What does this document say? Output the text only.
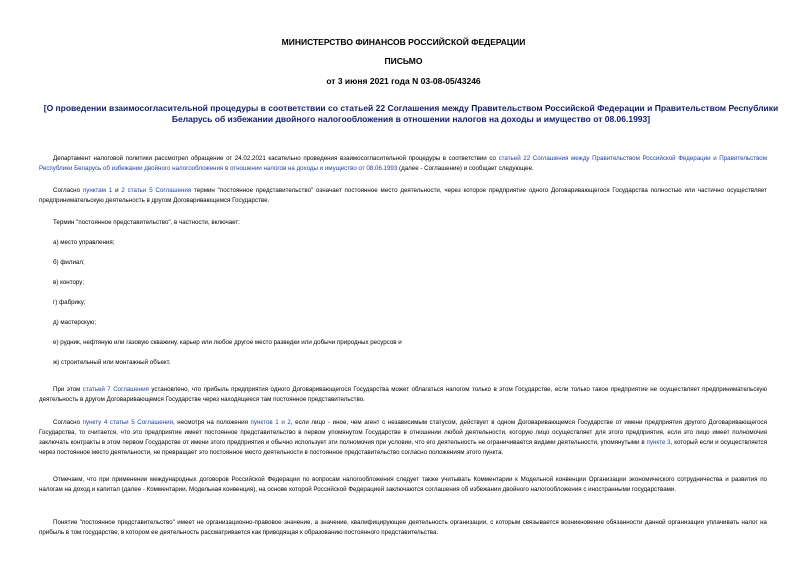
МИНИСТЕРСТВО ФИНАНСОВ РОССИЙСКОЙ ФЕДЕРАЦИИ
ПИСЬМО
от 3 июня 2021 года N 03-08-05/43246
[О проведении взаимосогласительной процедуры в соответствии со статьей 22 Соглашения между Правительством Российской Федерации и Правительством Республики Беларусь об избежании двойного налогообложения в отношении налогов на доходы и имущество от 08.06.1993]
Департамент налоговой политики рассмотрел обращение от 24.02.2021 касательно проведения взаимосогласительной процедуры в соответствии со статьей 22 Соглашения между Правительством Российской Федерации и Правительством Республики Беларусь об избежании двойного налогообложения в отношении налогов на доходы и имущество от 08.06.1993 (далее - Соглашение) и сообщает следующее.
Согласно пунктам 1 и 2 статьи 5 Соглашения термин "постоянное представительство" означает постоянное место деятельности, через которое предприятие одного Договаривающегося Государства полностью или частично осуществляет предпринимательскую деятельность в другом Договаривающемся Государстве.
Термин "постоянное представительство", в частности, включает:
а) место управления;
б) филиал;
в) контору;
г) фабрику;
д) мастерскую;
е) рудник, нефтяную или газовую скважину, карьер или любое другое место разведки или добычи природных ресурсов и
ж) строительный или монтажный объект.
При этом статьей 7 Соглашения установлено, что прибыль предприятия одного Договаривающегося Государства может облагаться налогом только в этом Государстве, если только такое предприятие не осуществляет предпринимательскую деятельность в другом Договаривающемся Государстве через находящееся там постоянное представительство.
Согласно пункту 4 статьи 5 Соглашения, несмотря на положения пунктов 1 и 2, если лицо - иное, чем агент с независимым статусом, действует в одном Договаривающемся Государстве от имени предприятия другого Договаривающегося Государства, то считается, что это предприятие имеет постоянное представительство в первом упомянутом Государстве в отношении любой деятельности, которую лицо осуществляет для этого предприятия, если это лицо имеет полномочия заключать контракты в этом первом Государстве от имени этого предприятия и обычно использует эти полномочия при условии, что его деятельность не ограничивается видами деятельности, упомянутыми в пункте 3, который если и осуществляется через постоянное место деятельности, не превращает это постоянное место деятельности в постоянное представительство согласно положениям этого пункта.
Отмечаем, что при применении международных договоров Российской Федерации по вопросам налогообложения следует также учитывать Комментарии к Модельной конвенции Организации экономического сотрудничества и развития по налогам на доход и капитал (далее - Комментарии, Модельная конвенция), на основе которой Российской Федерацией заключаются соглашения об избежании двойного налогообложения с иностранными государствами.
Понятие "постоянное представительство" имеет не организационно-правовое значение, а значение, квалифицирующее деятельность организации, с которым связывается возникновение обязанности данной организации уплачивать налог на прибыль в том государстве, в котором ее деятельность рассматривается как приводящая к образованию постоянного представительства.
